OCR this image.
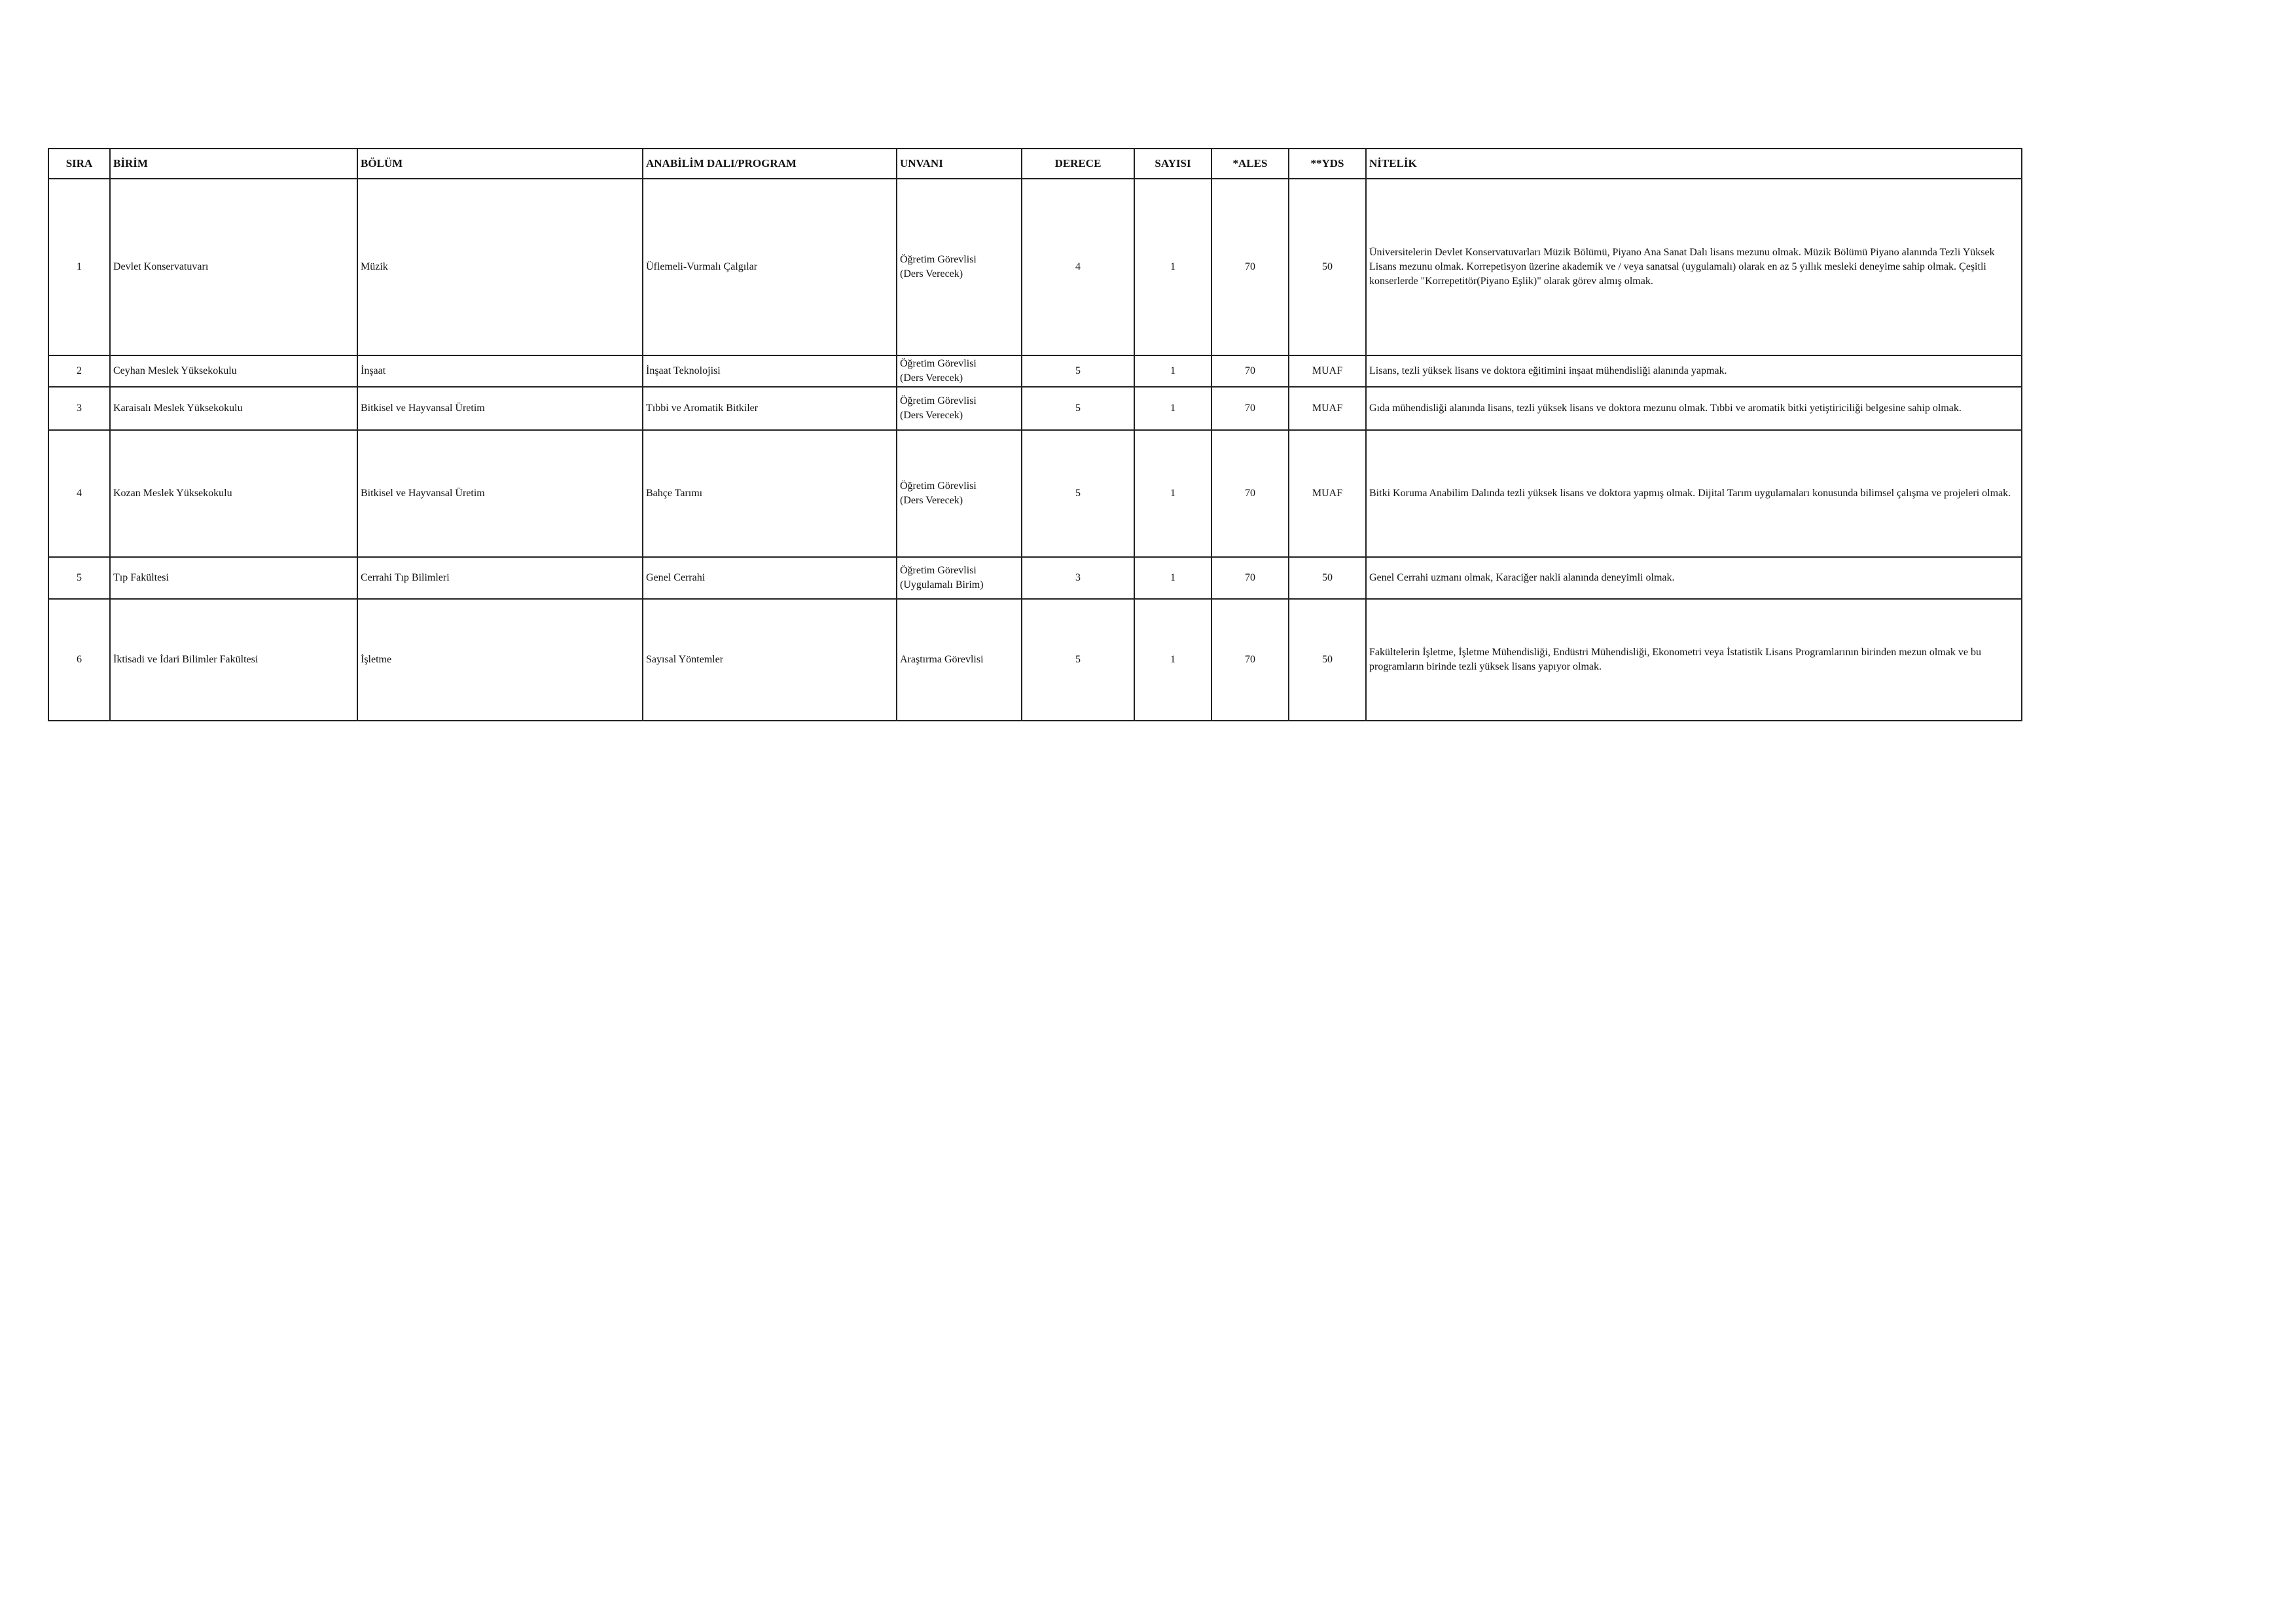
SIRA	BİRİM	BÖLÜM	ANABİLİM DALI/PROGRAM	UNVANI	DERECE	SAYISI	*ALES	**YDS	NİTELİK
1	Devlet Konservatuvarı	Müzik	Üflemeli-Vurmalı Çalgılar	Öğretim Görevlisi
(Ders Verecek)	4	1	70	50	Üniversitelerin Devlet Konservatuvarları Müzik Bölümü, Piyano Ana Sanat Dalı lisans mezunu olmak. Müzik Bölümü Piyano alanında Tezli Yüksek Lisans mezunu olmak. Korrepetisyon üzerine akademik ve / veya sanatsal (uygulamalı) olarak en az 5 yıllık mesleki deneyime sahip olmak. Çeşitli konserlerde "Korrepetitör(Piyano Eşlik)" olarak görev almış olmak.
2	Ceyhan Meslek Yüksekokulu	İnşaat	İnşaat Teknolojisi	Öğretim Görevlisi
(Ders Verecek)	5	1	70	MUAF	Lisans, tezli yüksek lisans ve doktora eğitimini inşaat mühendisliği alanında yapmak.
3	Karaisalı Meslek Yüksekokulu	Bitkisel ve Hayvansal Üretim	Tıbbi ve Aromatik Bitkiler	Öğretim Görevlisi
(Ders Verecek)	5	1	70	MUAF	Gıda mühendisliği alanında lisans, tezli yüksek lisans ve doktora mezunu olmak. Tıbbi ve aromatik bitki yetiştiriciliği belgesine sahip olmak.
4	Kozan Meslek Yüksekokulu	Bitkisel ve Hayvansal Üretim	Bahçe Tarımı	Öğretim Görevlisi
(Ders Verecek)	5	1	70	MUAF	Bitki Koruma Anabilim Dalında tezli yüksek lisans ve doktora yapmış olmak. Dijital Tarım uygulamaları konusunda bilimsel çalışma ve projeleri olmak.
5	Tıp Fakültesi	Cerrahi Tıp Bilimleri	Genel Cerrahi	Öğretim Görevlisi
(Uygulamalı Birim)	3	1	70	50	Genel Cerrahi uzmanı olmak, Karaciğer nakli alanında deneyimli olmak.
6	İktisadi ve İdari Bilimler Fakültesi	İşletme	Sayısal Yöntemler	Araştırma Görevlisi	5	1	70	50	Fakültelerin İşletme, İşletme Mühendisliği, Endüstri Mühendisliği, Ekonometri veya İstatistik Lisans Programlarının birinden mezun olmak ve bu programların birinde tezli yüksek lisans yapıyor olmak.
